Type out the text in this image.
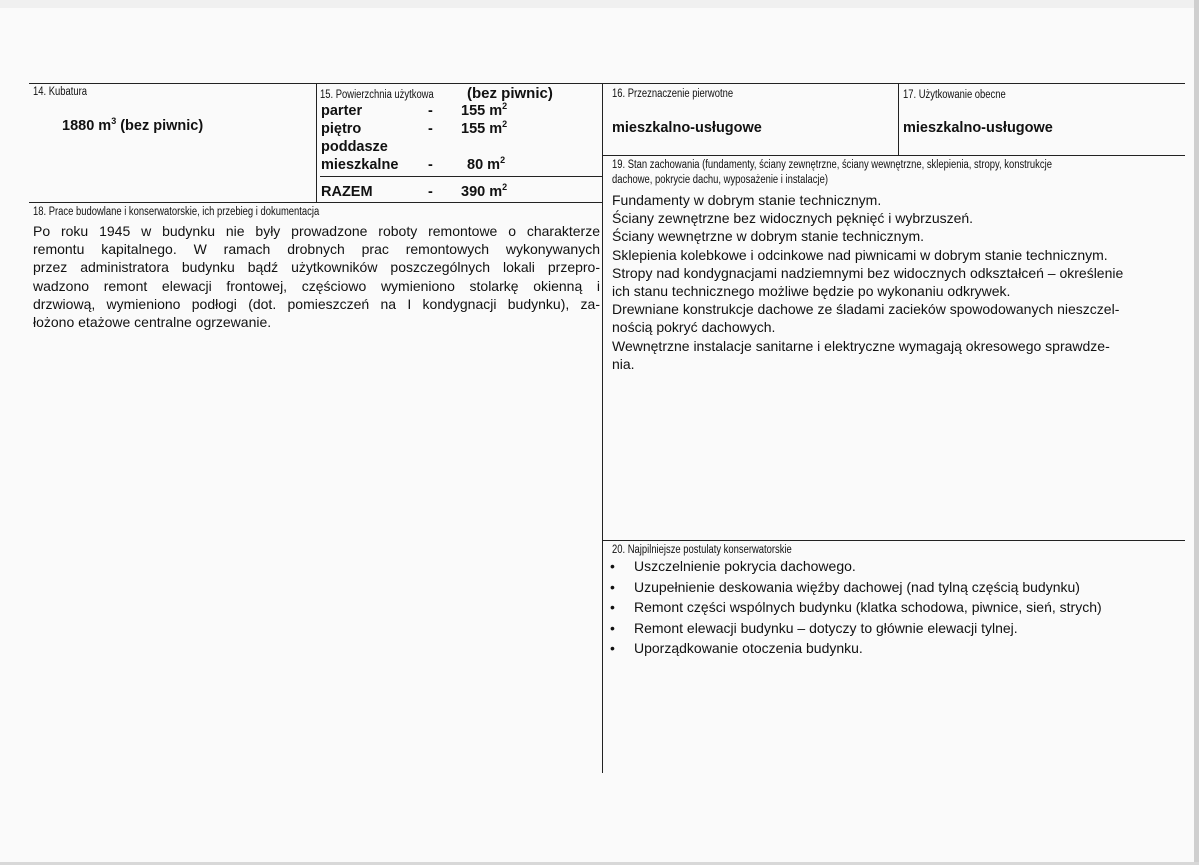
14. Kubatura
1880 $m^3$ (bez piwnic)
15. Powierzchnia użytkowa	(bez piwnic)
parter	- 155 $m^2$
piętro	- 155 $m^2$
poddasze
mieszkalne - 80 $m^2$
RAZEM	- 390 $m^2$
16. Przeznaczenie pierwotne
mieszkalno-usługowe
17. Użytkowanie obecne
mieszkalno-usługowe
18. Prace budowlane i konserwatorskie, ich przebieg i dokumentacja
Po roku 1945 w budynku nie były prowadzone roboty remontowe o charakterze
remontu kapitalnego. W ramach drobnych prac remontowych wykonywanych
przez administratora budynku bądź użytkowników poszczególnych lokali przepro-
wadzono remont elewacji frontowej, częściowo wymieniono stolarkę okienną i
drzwiową, wymieniono podłogi (dot. pomieszczeń na I kondygnacji budynku), za-
łożono etażowe centralne ogrzewanie.
19. Stan zachowania (fundamenty, ściany zewnętrzne, ściany wewnętrzne, sklepienia, stropy, konstrukcje
dachowe, pokrycie dachu, wyposażenie i instalacje)
Fundamenty w dobrym stanie technicznym.
Ściany zewnętrzne bez widocznych pęknięć i wybrzuszeń.
Ściany wewnętrzne w dobrym stanie technicznym.
Sklepienia kolebkowe i odcinkowe nad piwnicami w dobrym stanie technicznym.
Stropy nad kondygnacjami nadziemnymi bez widocznych odkształceń – określenie
ich stanu technicznego możliwe będzie po wykonaniu odkrywek.
Drewniane konstrukcje dachowe ze śladami zacieków spowodowanych nieszczel-
nością pokryć dachowych.
Wewnętrzne instalacje sanitarne i elektryczne wymagają okresowego sprawdze-
nia.
20. Najpilniejsze postulaty konserwatorskie
• Uszczelnienie pokrycia dachowego.
• Uzupełnienie deskowania więźby dachowej (nad tylną częścią budynku)
• Remont części wspólnych budynku (klatka schodowa, piwnice, sień, strych)
• Remont elewacji budynku – dotyczy to głównie elewacji tylnej.
• Uporządkowanie otoczenia budynku.
